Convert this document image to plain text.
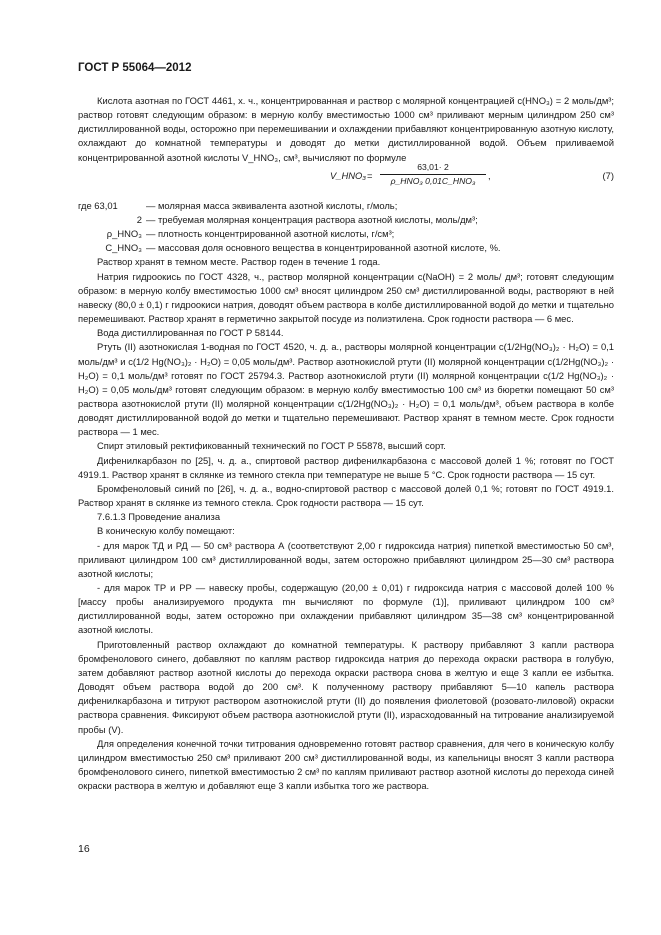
ГОСТ Р 55064—2012

Кислота азотная по ГОСТ 4461, х. ч., концентрированная и раствор с молярной концентрацией c(HNO₃) = 2 моль/дм³; раствор готовят следующим образом: в мерную колбу вместимостью 1000 см³ приливают мерным цилиндром 250 см³ дистиллированной воды, осторожно при перемешивании и охлаждении прибавляют концентрированную азотную кислоту, охлаждают до комнатной температуры и доводят до метки дистиллированной водой. Объем приливаемой концентрированной азотной кислоты V_HNO₃, см³, вычисляют по формуле

V_HNO₃ =
63,01· 2
ρ_HNO₃ 0,01C_HNO₃	,	(7)
где 63,01	— молярная масса эквивалента азотной кислоты, г/моль;
2 — требуемая молярная концентрация раствора азотной кислоты, моль/дм³;
ρ_HNO₃ — плотность концентрированной азотной кислоты, г/см³;
C_HNO₃ — массовая доля основного вещества в концентрированной азотной кислоте, %.

Раствор хранят в темном месте. Раствор годен в течение 1 года.

Натрия гидроокись по ГОСТ 4328, ч., раствор молярной концентрации c(NaOH) = 2 моль/ дм³; готовят следующим образом: в мерную колбу вместимостью 1000 см³ вносят цилиндром 250 см³ дистиллированной воды, растворяют в ней навеску (80,0 ± 0,1) г гидроокиси натрия, доводят объем раствора в колбе дистиллированной водой до метки и тщательно перемешивают. Раствор хранят в герметично закрытой посуде из полиэтилена. Срок годности раствора — 6 мес.

Вода дистиллированная по ГОСТ Р 58144.

Ртуть (II) азотнокислая 1-водная по ГОСТ 4520, ч. д. а., растворы молярной концентрации c(1/2Hg(NO₃)₂ · H₂O) = 0,1 моль/дм³ и c(1/2 Hg(NO₃)₂ · H₂O) = 0,05 моль/дм³. Раствор азотнокислой ртути (II) молярной концентрации c(1/2Hg(NO₃)₂ · H₂O) = 0,1 моль/дм³ готовят по ГОСТ 25794.3. Раствор азотнокислой ртути (II) молярной концентрации c(1/2 Hg(NO₃)₂ · H₂O) = 0,05 моль/дм³ готовят следующим образом: в мерную колбу вместимостью 100 см³ из бюретки помещают 50 см³ раствора азотнокислой ртути (II) молярной концентрации c(1/2Hg(NO₃)₂ · H₂O) = 0,1 моль/дм³, объем раствора в колбе доводят дистиллированной водой до метки и тщательно перемешивают. Раствор хранят в темном месте. Срок годности раствора — 1 мес.

Спирт этиловый ректификованный технический по ГОСТ Р 55878, высший сорт.

Дифенилкарбазон по [25], ч. д. а., спиртовой раствор дифенилкарбазона с массовой долей 1 %; готовят по ГОСТ 4919.1. Раствор хранят в склянке из темного стекла при температуре не выше 5 °С. Срок годности раствора — 15 сут.

Бромфеноловый синий по [26], ч. д. а., водно-спиртовой раствор с массовой долей 0,1 %; готовят по ГОСТ 4919.1. Раствор хранят в склянке из темного стекла. Срок годности раствора — 15 сут.

7.6.1.3 Проведение анализа

В коническую колбу помещают:

- для марок ТД и РД — 50 см³ раствора А (соответствуют 2,00 г гидроксида натрия) пипеткой вместимостью 50 см³, приливают цилиндром 100 см³ дистиллированной воды, затем осторожно прибавляют цилиндром 25—30 см³ раствора азотной кислоты;

- для марок ТР и РР — навеску пробы, содержащую (20,00 ± 0,01) г гидроксида натрия с массовой долей 100 % [массу пробы анализируемого продукта mн вычисляют по формуле (1)], приливают цилиндром 100 см³ дистиллированной воды, затем осторожно при охлаждении прибавляют цилиндром 35—38 см³ концентрированной азотной кислоты.

Приготовленный раствор охлаждают до комнатной температуры. К раствору прибавляют 3 капли раствора бромфенолового синего, добавляют по каплям раствор гидроксида натрия до перехода окраски раствора в голубую, затем добавляют раствор азотной кислоты до перехода окраски раствора снова в желтую и еще 3 капли ее избытка. Доводят объем раствора водой до 200 см³. К полученному раствору прибавляют 5—10 капель раствора дифенилкарбазона и титруют раствором азотнокислой ртути (II) до появления фиолетовой (розовато-лиловой) окраски раствора сравнения. Фиксируют объем раствора азотнокислой ртути (II), израсходованный на титрование анализируемой пробы (V).

Для определения конечной точки титрования одновременно готовят раствор сравнения, для чего в коническую колбу цилиндром вместимостью 250 см³ приливают 200 см³ дистиллированной воды, из капельницы вносят 3 капли раствора бромфенолового синего, пипеткой вместимостью 2 см³ по каплям приливают раствор азотной кислоты до перехода синей окраски раствора в желтую и добавляют еще 3 капли избытка того же раствора.

16
